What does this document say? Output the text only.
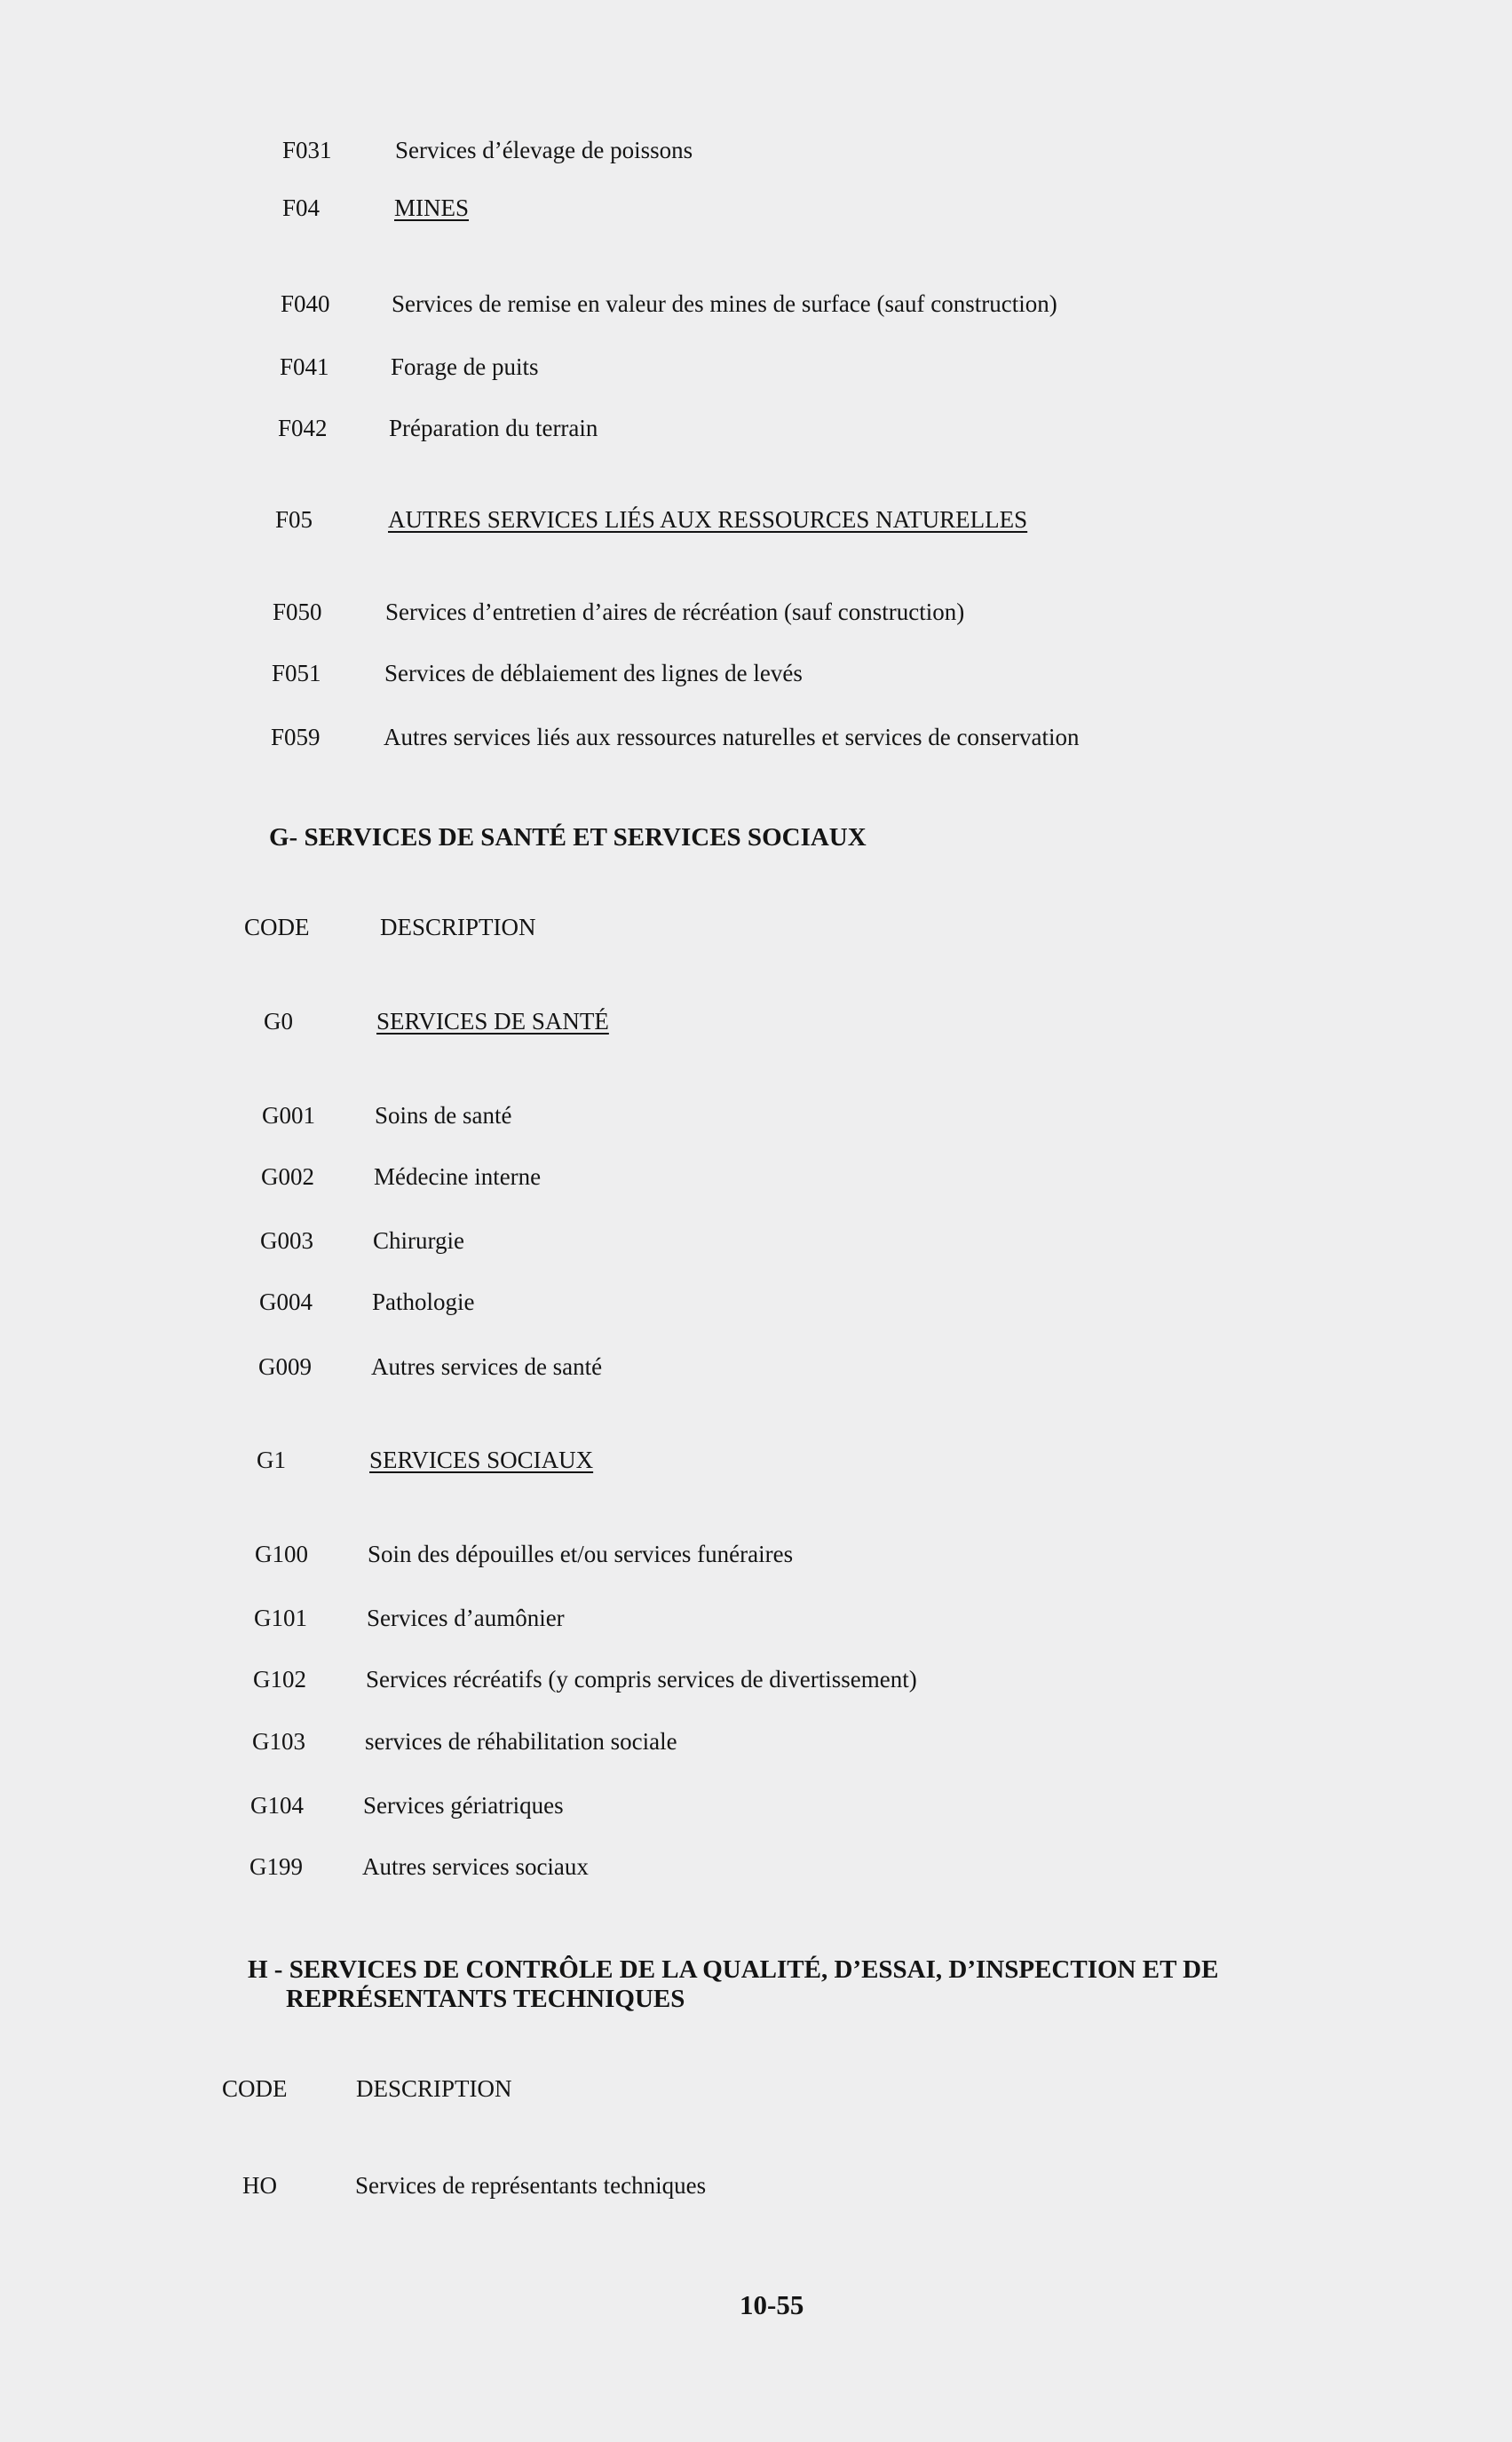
F031	Services d’élevage de poissons
F04	MINES
F040	Services de remise en valeur des mines de surface (sauf construction)
F041	Forage de puits
F042	Préparation du terrain
F05	AUTRES SERVICES LIÉS AUX RESSOURCES NATURELLES
F050	Services d’entretien d’aires de récréation (sauf construction)
F051	Services de déblaiement des lignes de levés
F059	Autres services liés aux ressources naturelles et services de conservation
G- SERVICES DE SANTÉ ET SERVICES SOCIAUX
CODE	DESCRIPTION
G0	SERVICES DE SANTÉ
G001 Soins de santé
G002 Médecine interne
G003 Chirurgie
G004 Pathologie
G009 Autres services de santé
G1	SERVICES SOCIAUX
G100 Soin des dépouilles et/ou services funéraires
G101 Services d’aumônier
G102 Services récréatifs (y compris services de divertissement)
G103 services de réhabilitation sociale
G104 Services gériatriques
G199 Autres services sociaux
H - SERVICES DE CONTRÔLE DE LA QUALITÉ, D’ESSAI, D’INSPECTION ET DE
REPRÉSENTANTS TECHNIQUES
CODE	DESCRIPTION
HO	Services de représentants techniques
10-55
